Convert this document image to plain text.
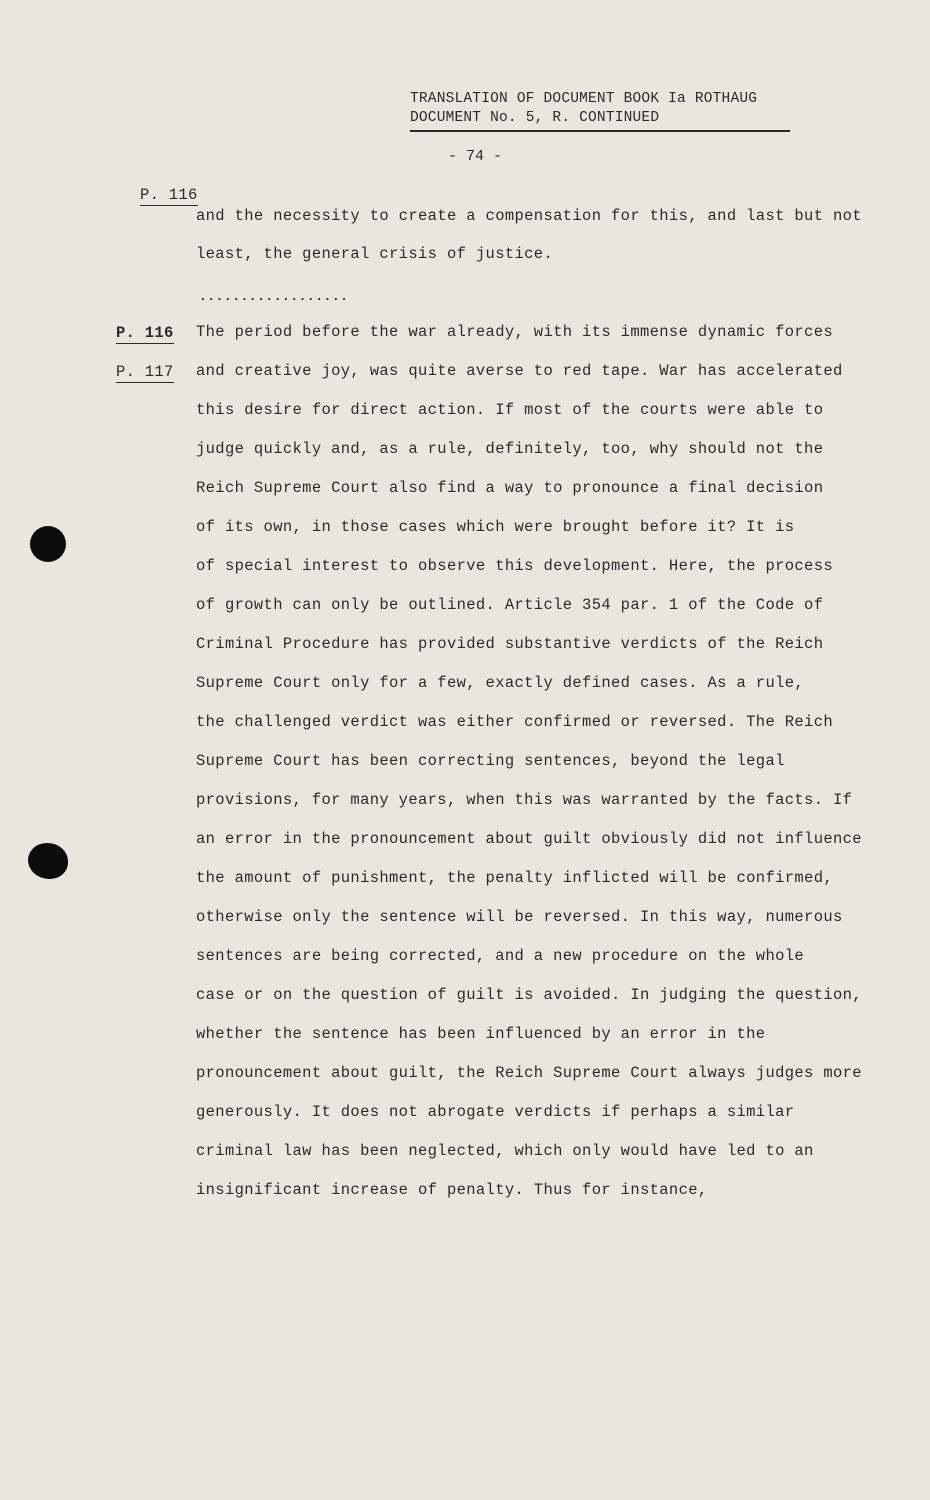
TRANSLATION OF DOCUMENT BOOK Ia ROTHAUG
DOCUMENT No. 5, R. CONTINUED
- 74 -
P. 116
P. 116
P. 117
and the necessity to create a compensation for this, and last but not
least, the general crisis of justice.
..................
The period before the war already, with its immense dynamic forces
and creative joy, was quite averse to red tape. War has accelerated
this desire for direct action. If most of the courts were able to
judge quickly and, as a rule, definitely, too, why should not the
Reich Supreme Court also find a way to pronounce a final decision
of its own, in those cases which were brought before it? It is
of special interest to observe this development. Here, the process
of growth can only be outlined. Article 354 par. 1 of the Code of
Criminal Procedure has provided substantive verdicts of the Reich
Supreme Court only for a few, exactly defined cases. As a rule,
the challenged verdict was either confirmed or reversed. The Reich
Supreme Court has been correcting sentences, beyond the legal
provisions, for many years, when this was warranted by the facts. If
an error in the pronouncement about guilt obviously did not influence
the amount of punishment, the penalty inflicted will be confirmed,
otherwise only the sentence will be reversed. In this way, numerous
sentences are being corrected, and a new procedure on the whole
case or on the question of guilt is avoided. In judging the question,
whether the sentence has been influenced by an error in the
pronouncement about guilt, the Reich Supreme Court always judges more
generously. It does not abrogate verdicts if perhaps a similar
criminal law has been neglected, which only would have led to an
insignificant increase of penalty. Thus for instance,
